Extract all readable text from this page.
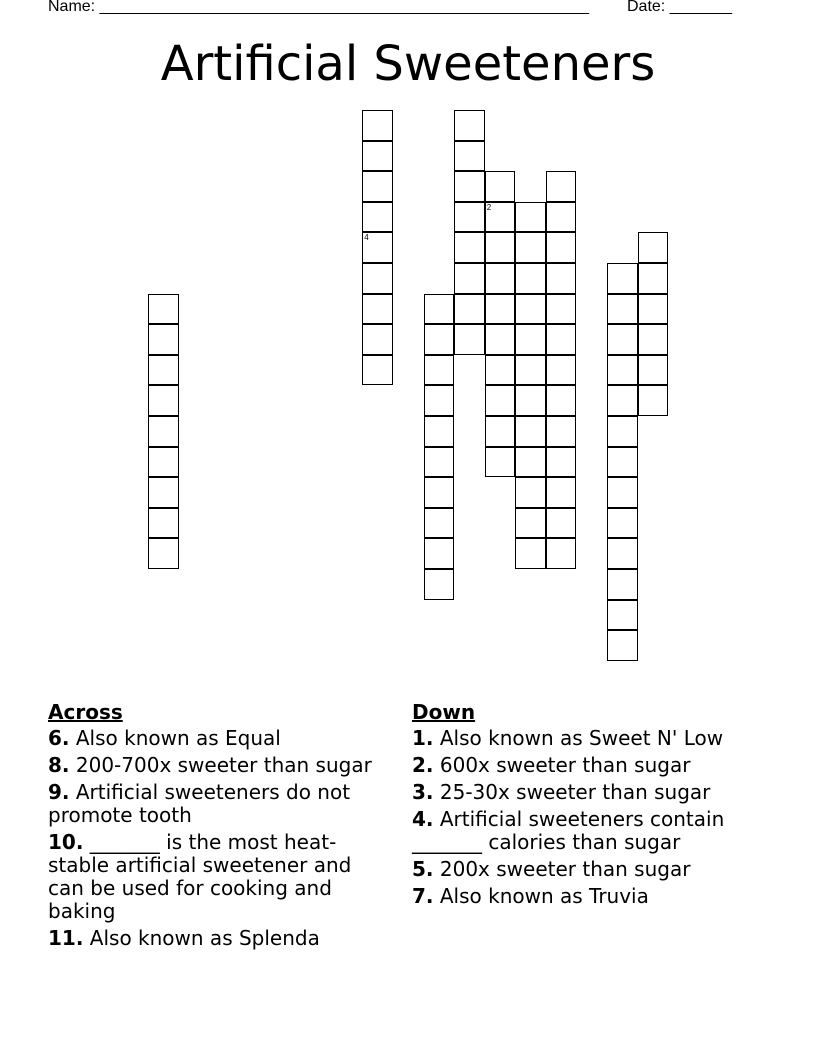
Name: _______________________________________________________ Date: _______
Artificial Sweeteners
4
2
Across
6. Also known as Equal
8. 200-700x sweeter than sugar
9. Artificial sweeteners do not promote tooth
10. _______ is the most heat-stable artificial sweetener and can be used for cooking and baking
11. Also known as Splenda
Down
1. Also known as Sweet N' Low
2. 600x sweeter than sugar
3. 25-30x sweeter than sugar
4. Artificial sweeteners contain _______ calories than sugar
5. 200x sweeter than sugar
7. Also known as Truvia
